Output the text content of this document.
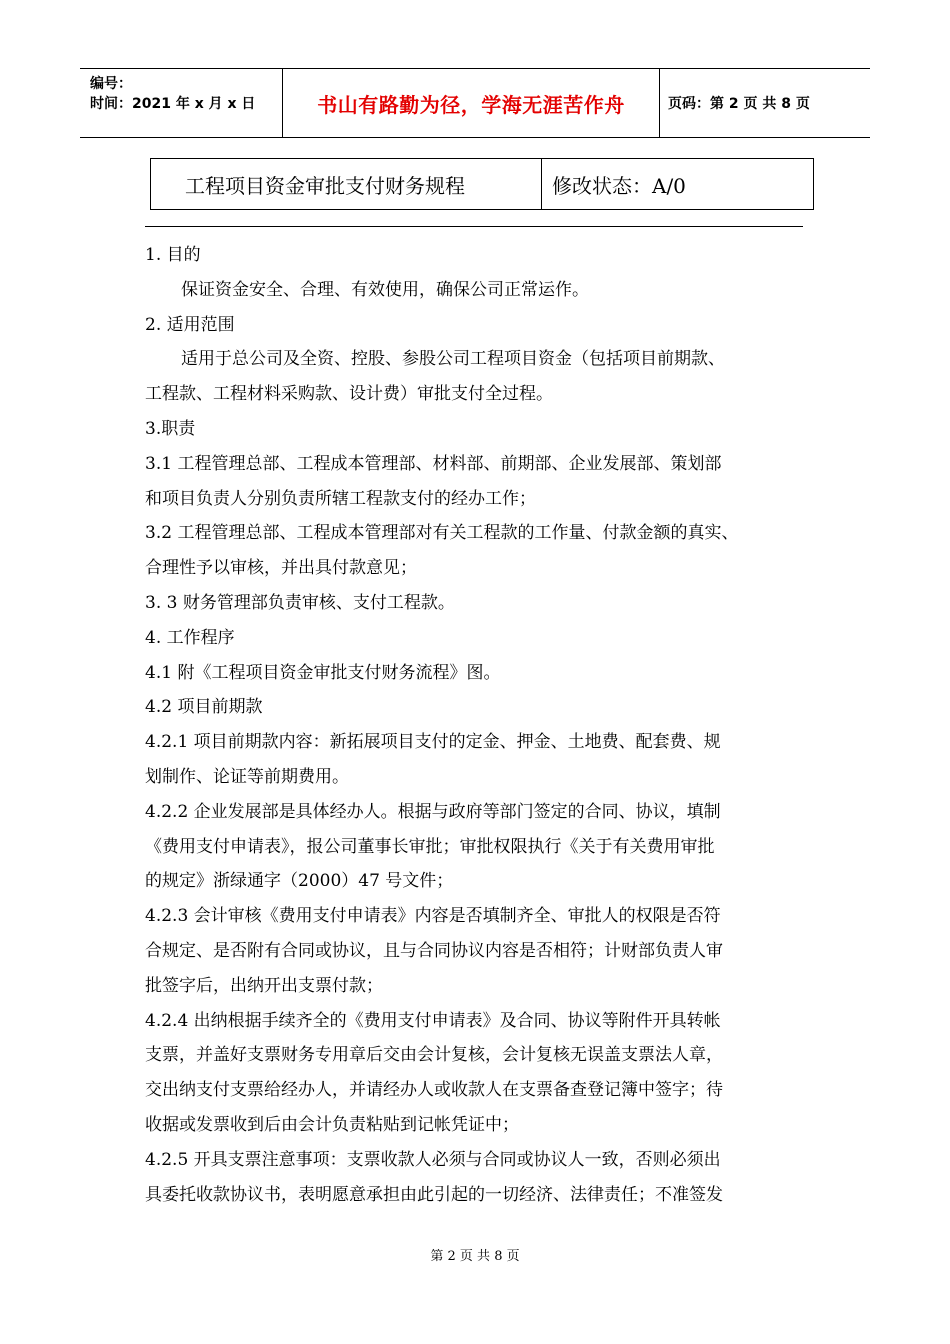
编号：
时间：2021 年 x 月 x 日	书山有路勤为径，学海无涯苦作舟	页码：第 2 页 共 8 页
工程项目资金审批支付财务规程	修改状态：A/0

1. 目的

保证资金安全、合理、有效使用，确保公司正常运作。

2. 适用范围

适用于总公司及全资、控股、参股公司工程项目资金（包括项目前期款、

工程款、工程材料采购款、设计费）审批支付全过程。

3.职责

3.1 工程管理总部、工程成本管理部、材料部、前期部、企业发展部、策划部

和项目负责人分别负责所辖工程款支付的经办工作；

3.2 工程管理总部、工程成本管理部对有关工程款的工作量、付款金额的真实、

合理性予以审核，并出具付款意见；

3. 3 财务管理部负责审核、支付工程款。

4. 工作程序

4.1 附《工程项目资金审批支付财务流程》图。

4.2 项目前期款

4.2.1 项目前期款内容：新拓展项目支付的定金、押金、土地费、配套费、规

划制作、论证等前期费用。

4.2.2 企业发展部是具体经办人。根据与政府等部门签定的合同、协议，填制

《费用支付申请表》，报公司董事长审批；审批权限执行《关于有关费用审批

的规定》浙绿通字（2000）47 号文件；

4.2.3 会计审核《费用支付申请表》内容是否填制齐全、审批人的权限是否符

合规定、是否附有合同或协议，且与合同协议内容是否相符；计财部负责人审

批签字后，出纳开出支票付款；

4.2.4 出纳根据手续齐全的《费用支付申请表》及合同、协议等附件开具转帐

支票，并盖好支票财务专用章后交由会计复核，会计复核无误盖支票法人章，

交出纳支付支票给经办人，并请经办人或收款人在支票备查登记簿中签字；待

收据或发票收到后由会计负责粘贴到记帐凭证中；

4.2.5 开具支票注意事项：支票收款人必须与合同或协议人一致，否则必须出

具委托收款协议书，表明愿意承担由此引起的一切经济、法律责任；不准签发

第 2 页 共 8 页
